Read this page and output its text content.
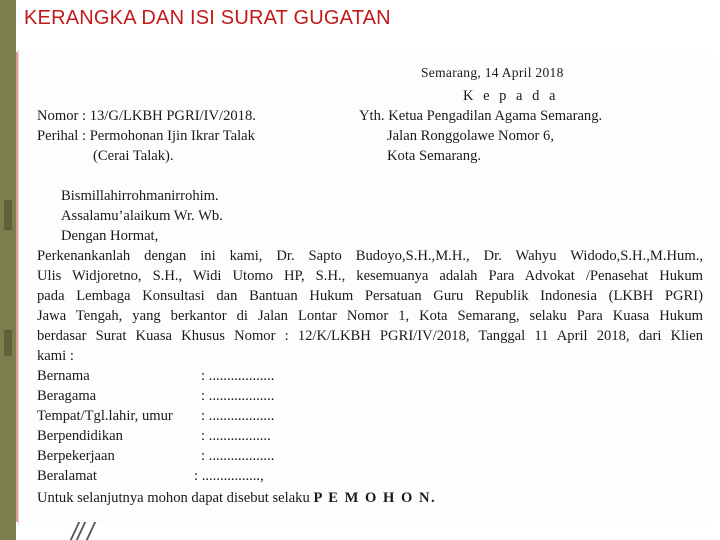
KERANGKA DAN ISI SURAT GUGATAN
Semarang, 14 April 2018
K e p a d a
Nomor : 13/G/LKBH PGRI/IV/2018.
Perihal : Permohonan Ijin Ikrar Talak
(Cerai Talak).
Yth. Ketua Pengadilan Agama Semarang.
Jalan Ronggolawe Nomor 6,
Kota Semarang.
Bismillahirrohmanirrohim.
Assalamu’alaikum Wr. Wb.
Dengan Hormat,
Perkenankanlah dengan ini kami, Dr. Sapto Budoyo,S.H.,M.H., Dr. Wahyu Widodo,S.H.,M.Hum.,
Ulis Widjoretno, S.H., Widi Utomo HP, S.H., kesemuanya adalah Para Advokat /Penasehat Hukum
pada Lembaga Konsultasi dan Bantuan Hukum Persatuan Guru Republik Indonesia (LKBH PGRI)
Jawa Tengah, yang berkantor di Jalan Lontar Nomor 1, Kota Semarang, selaku Para Kuasa Hukum
berdasar Surat Kuasa Khusus Nomor : 12/K/LKBH PGRI/IV/2018, Tanggal 11 April 2018, dari Klien
kami :
Bernama	: ..................
Beragama	: ..................
Tempat/Tgl.lahir, umur : ..................
Berpendidikan	: .................
Berpekerjaan	: ..................
Beralamat	: ................,
Untuk selanjutnya mohon dapat disebut selaku P E M O H O N.
